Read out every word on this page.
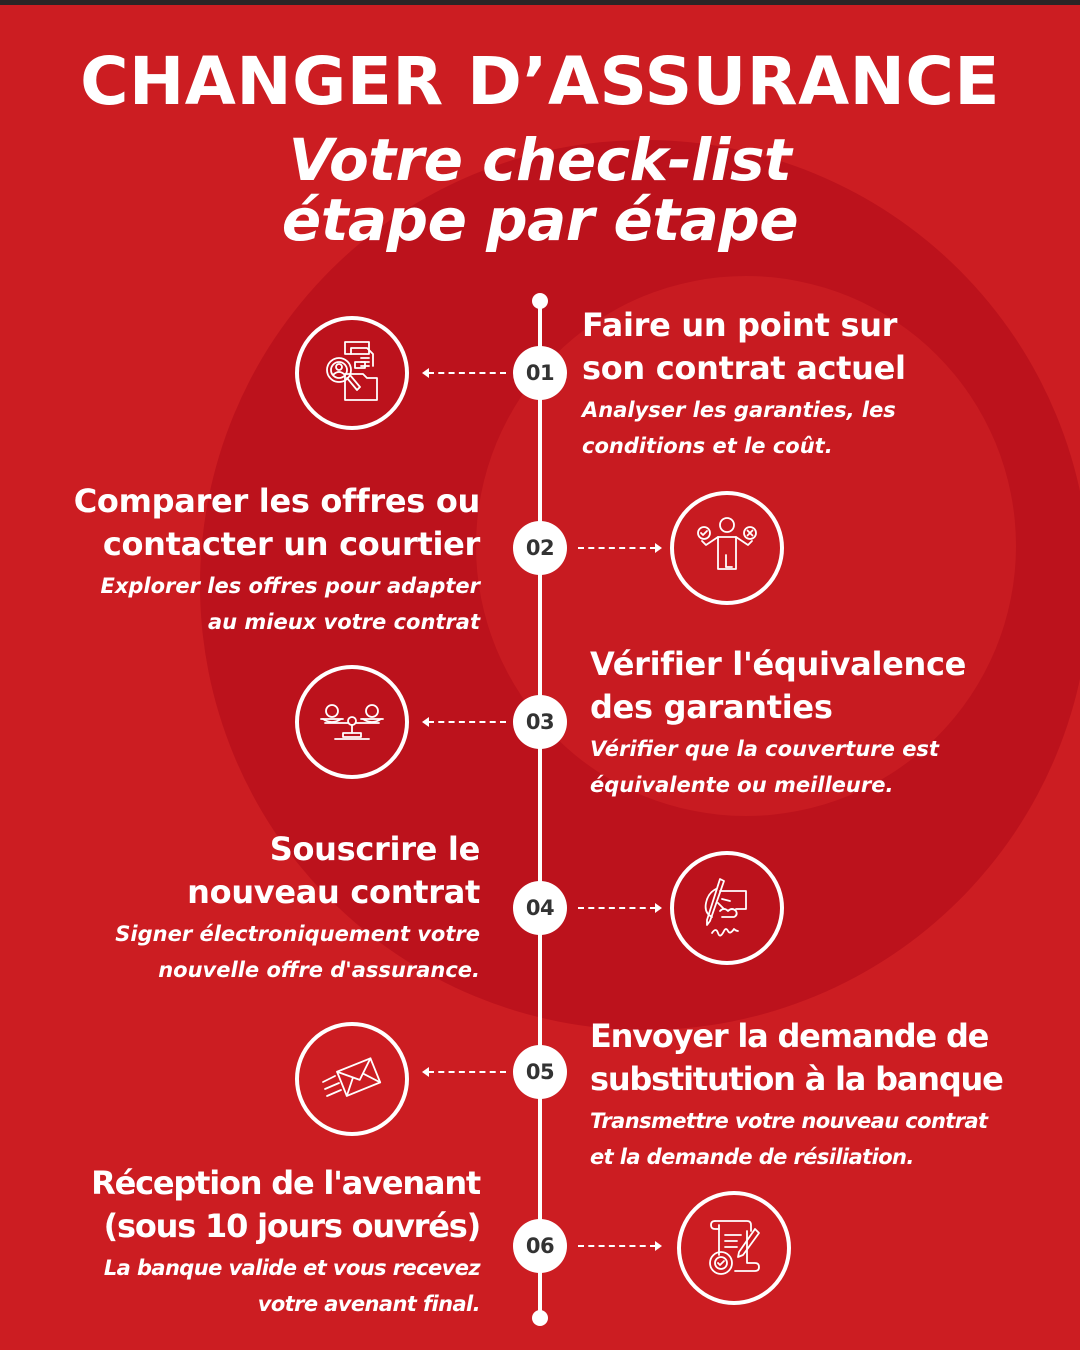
CHANGER D’ASSURANCE
Votre check-list
étape par étape
01
Faire un point sur
son contrat actuel
Analyser les garanties, les
conditions et le coût.
02
Comparer les offres ou
contacter un courtier
Explorer les offres pour adapter
au mieux votre contrat
03
Vérifier l'équivalence
des garanties
Vérifier que la couverture est
équivalente ou meilleure.
04
Souscrire le
nouveau contrat
Signer électroniquement votre
nouvelle offre d'assurance.
05
Envoyer la demande de
substitution à la banque
Transmettre votre nouveau contrat
et la demande de résiliation.
06
Réception de l'avenant
(sous 10 jours ouvrés)
La banque valide et vous recevez
votre avenant final.
